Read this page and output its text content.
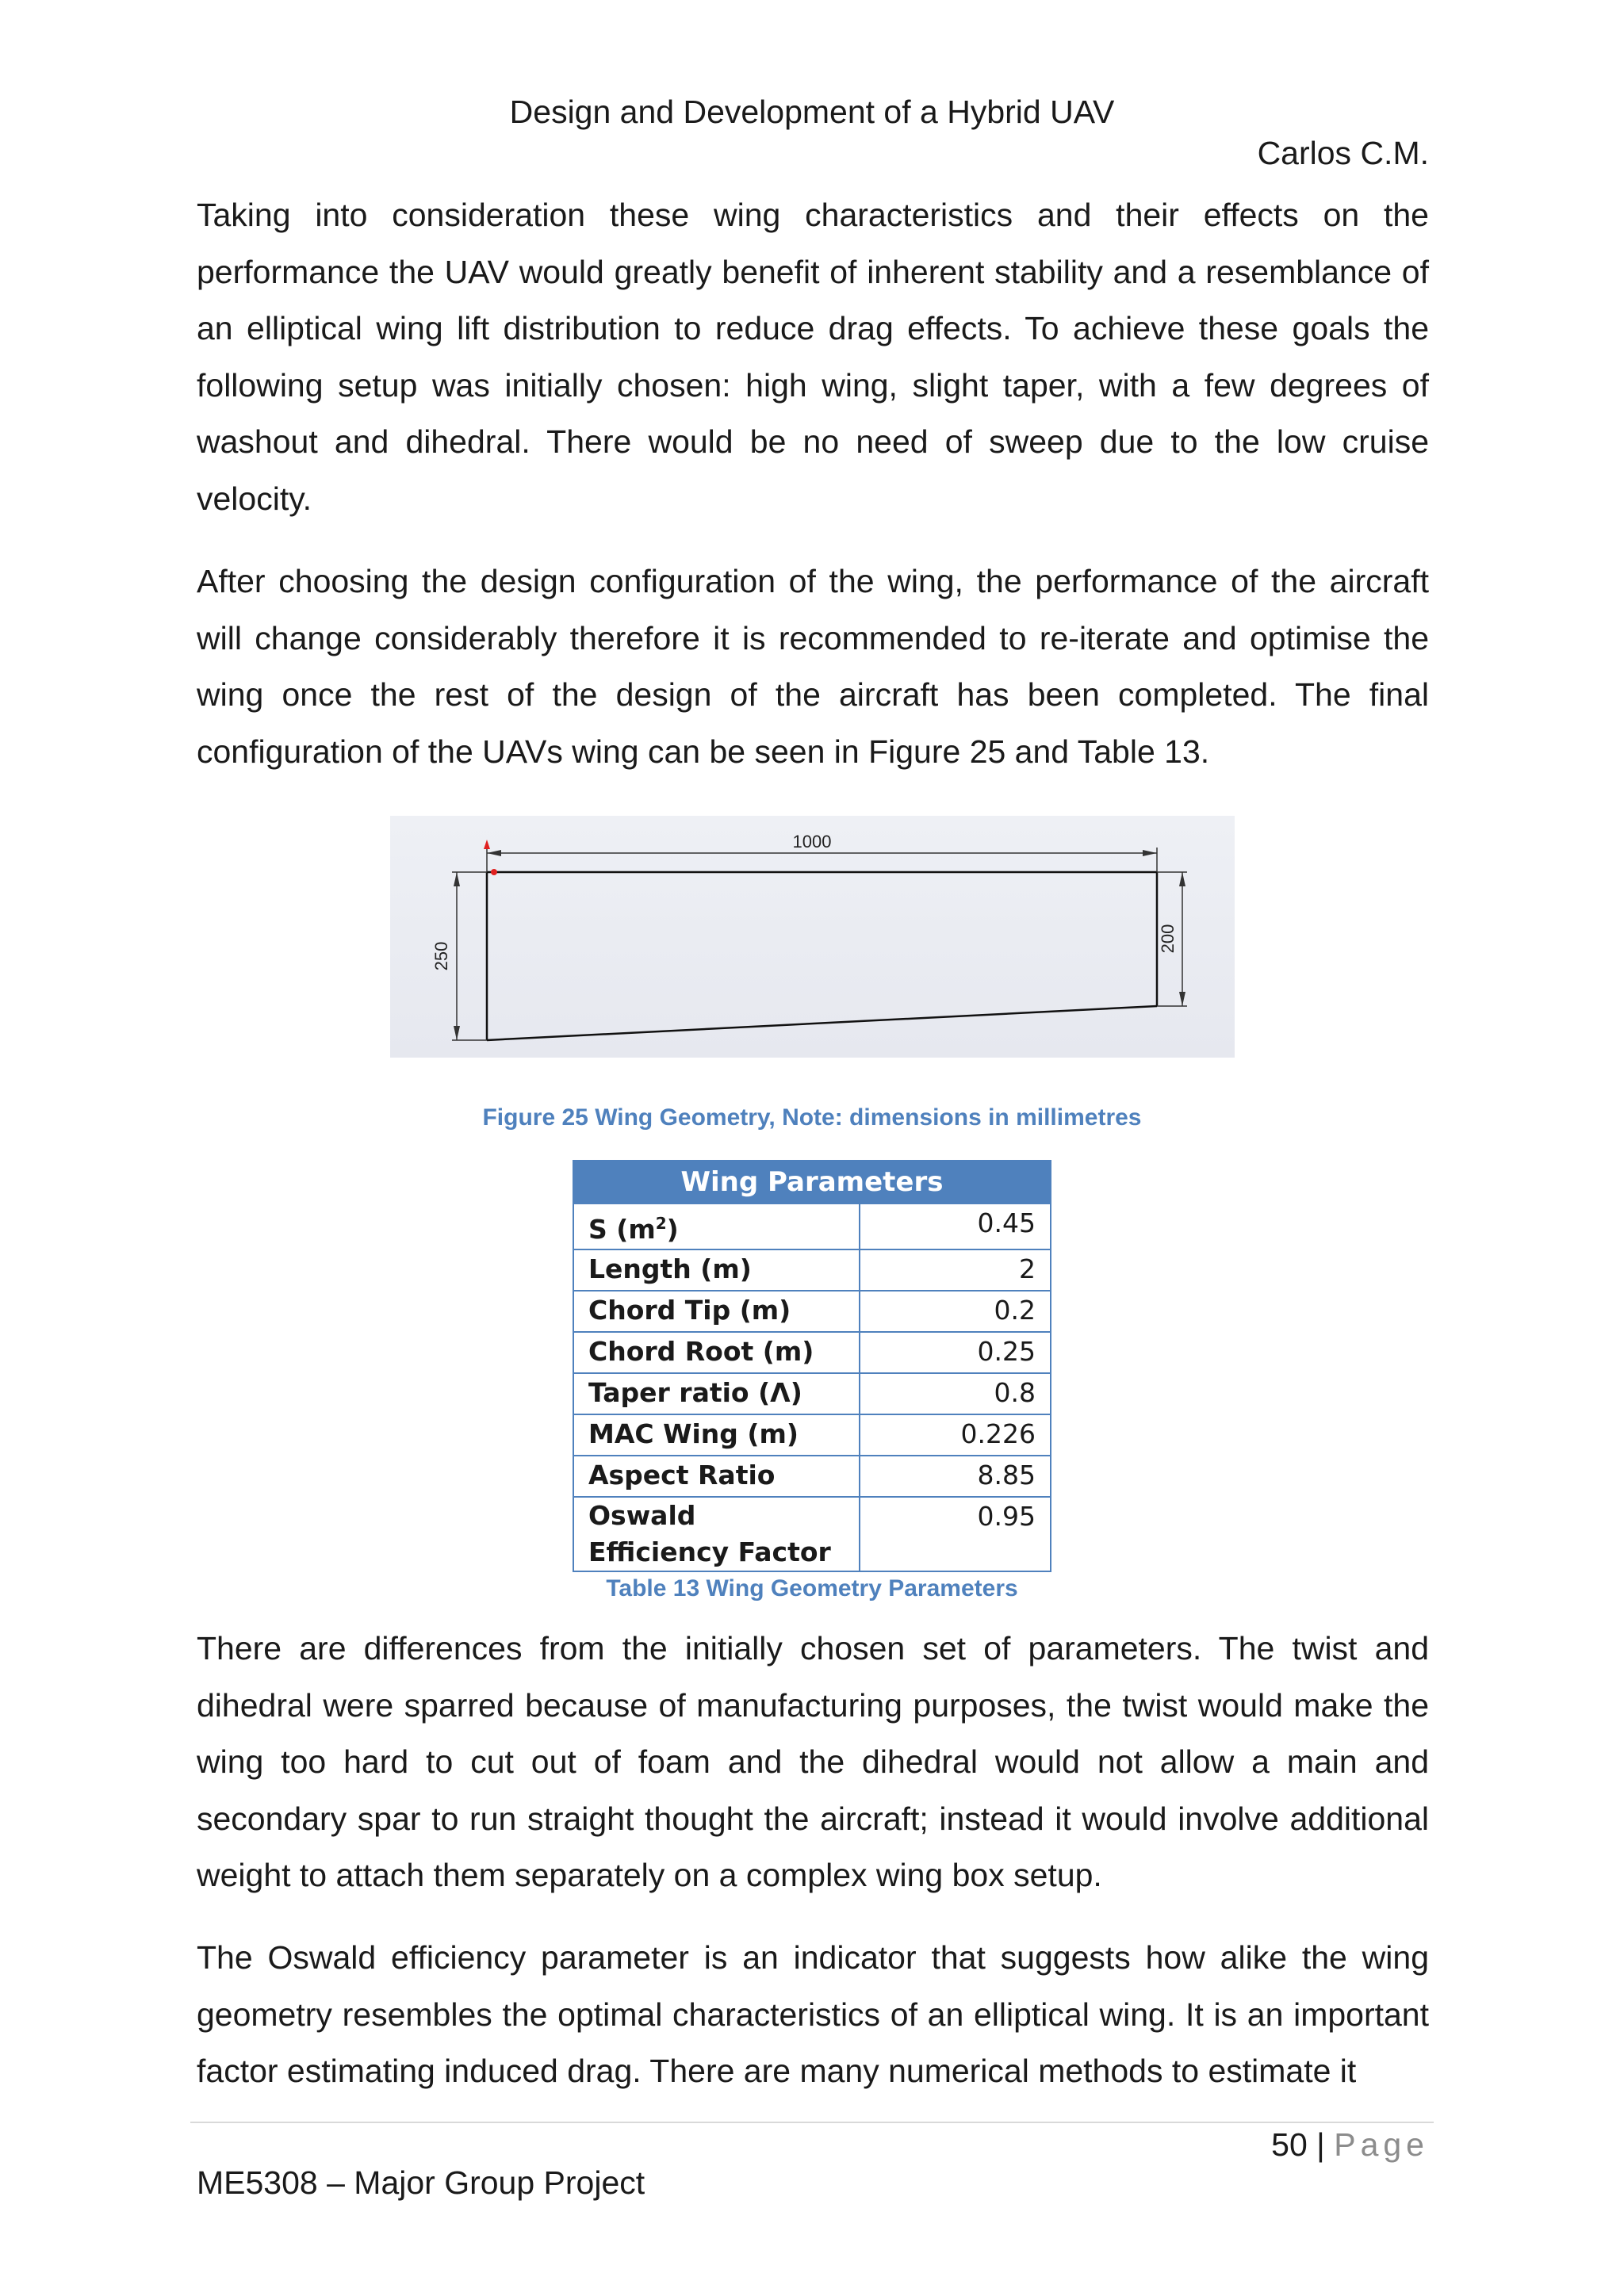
Design and Development of a Hybrid UAV
Carlos C.M.

Taking into consideration these wing characteristics and their effects on the performance the UAV would greatly benefit of inherent stability and a resemblance of an elliptical wing lift distribution to reduce drag effects. To achieve these goals the following setup was initially chosen: high wing, slight taper, with a few degrees of washout and dihedral. There would be no need of sweep due to the low cruise velocity.

After choosing the design configuration of the wing, the performance of the aircraft will change considerably therefore it is recommended to re-iterate and optimise the wing once the rest of the design of the aircraft has been completed. The final configuration of the UAVs wing can be seen in Figure 25 and Table 13.

1000
250
200
Figure 25 Wing Geometry, Note: dimensions in millimetres
Wing Parameters	
S $(m^2)$	0.45
Length (m)	2
Chord Tip (m)	0.2
Chord Root (m)	0.25
Taper ratio (Λ)	0.8
MAC Wing (m)	0.226
Aspect Ratio	8.85
Oswald Efficiency Factor	0.95
Table 13 Wing Geometry Parameters

There are differences from the initially chosen set of parameters. The twist and dihedral were sparred because of manufacturing purposes, the twist would make the wing too hard to cut out of foam and the dihedral would not allow a main and secondary spar to run straight thought the aircraft; instead it would involve additional weight to attach them separately on a complex wing box setup.

The Oswald efficiency parameter is an indicator that suggests how alike the wing geometry resembles the optimal characteristics of an elliptical wing. It is an important factor estimating induced drag. There are many numerical methods to estimate it

50 | Page
ME5308 – Major Group Project
